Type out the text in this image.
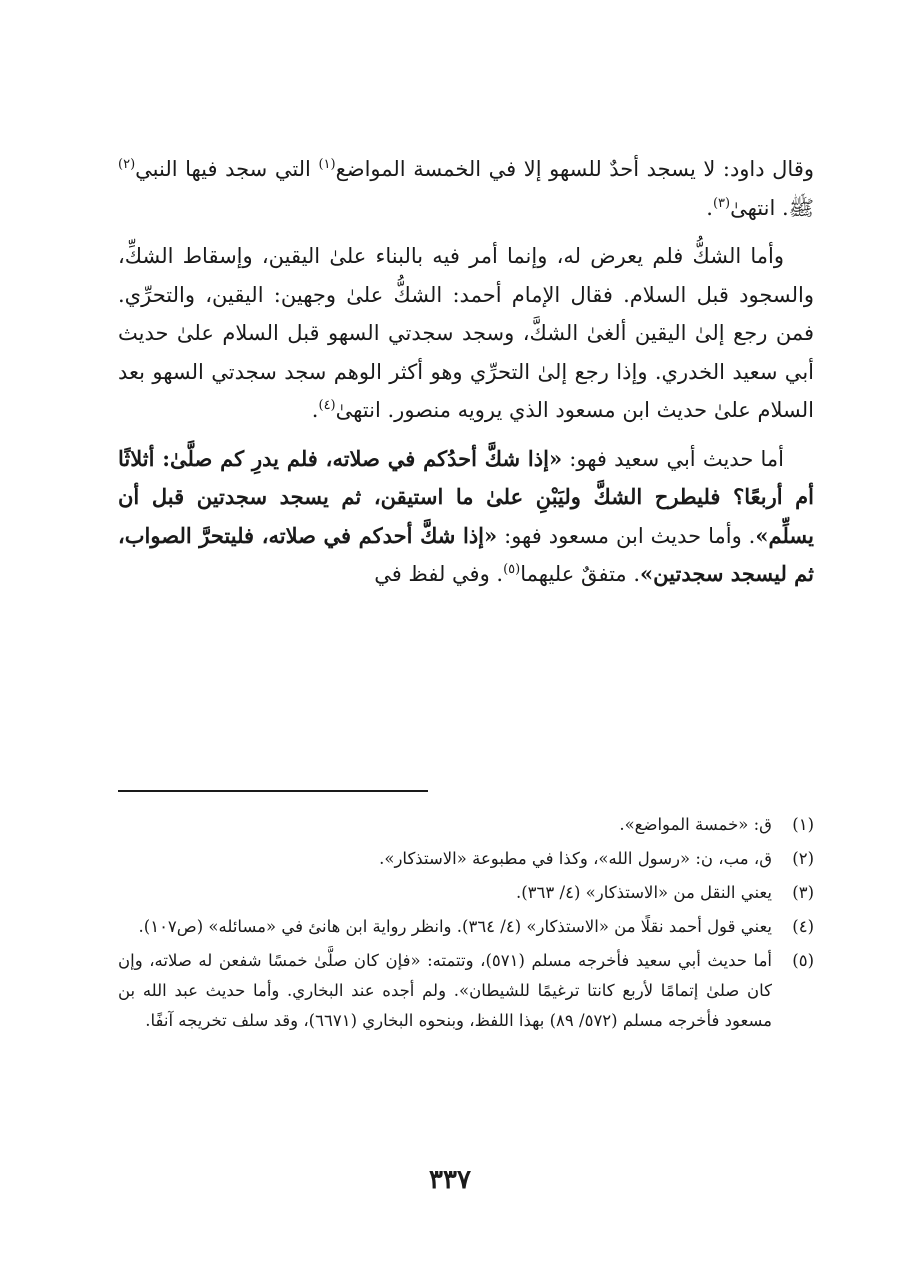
وقال داود: لا يسجد أحدٌ للسهو إلا في الخمسة المواضع$^{(١)}$ التي سجد فيها النبي$^{(٢)}$ ﷺ. انتهىٰ$^{(٣)}$.

وأما الشكُّ فلم يعرض له، وإنما أمر فيه بالبناء علىٰ اليقين، وإسقاط الشكِّ، والسجود قبل السلام. فقال الإمام أحمد: الشكُّ علىٰ وجهين: اليقين، والتحرِّي. فمن رجع إلىٰ اليقين ألغىٰ الشكَّ، وسجد سجدتي السهو قبل السلام علىٰ حديث أبي سعيد الخدري. وإذا رجع إلىٰ التحرِّي وهو أكثر الوهم سجد سجدتي السهو بعد السلام علىٰ حديث ابن مسعود الذي يرويه منصور. انتهىٰ$^{(٤)}$.

أما حديث أبي سعيد فهو: «إذا شكَّ أحدُكم في صلاته، فلم يدرِ كم صلَّىٰ: أثلاثًا أم أربعًا؟ فليطرح الشكَّ وليَبْنِ علىٰ ما استيقن، ثم يسجد سجدتين قبل أن يسلِّم». وأما حديث ابن مسعود فهو: «إذا شكَّ أحدكم في صلاته، فليتحرَّ الصواب، ثم ليسجد سجدتين». متفقٌ عليهما$^{(٥)}$. وفي لفظ في

(١)
ق: «خمسة المواضع».
(٢)
ق، مب، ن: «رسول الله»، وكذا في مطبوعة «الاستذكار».
(٣)
يعني النقل من «الاستذكار» (٤/ ٣٦٣).
(٤)
يعني قول أحمد نقلًا من «الاستذكار» (٤/ ٣٦٤). وانظر رواية ابن هانئ في «مسائله» (ص١٠٧).
(٥)
أما حديث أبي سعيد فأخرجه مسلم (٥٧١)، وتتمته: «فإن كان صلَّىٰ خمسًا شفعن له صلاته، وإن كان صلىٰ إتمامًا لأربع كانتا ترغيمًا للشيطان». ولم أجده عند البخاري. وأما حديث عبد الله بن مسعود فأخرجه مسلم (٥٧٢/ ٨٩) بهذا اللفظ، وبنحوه البخاري (٦٦٧١)، وقد سلف تخريجه آنفًا.
٣٣٧
